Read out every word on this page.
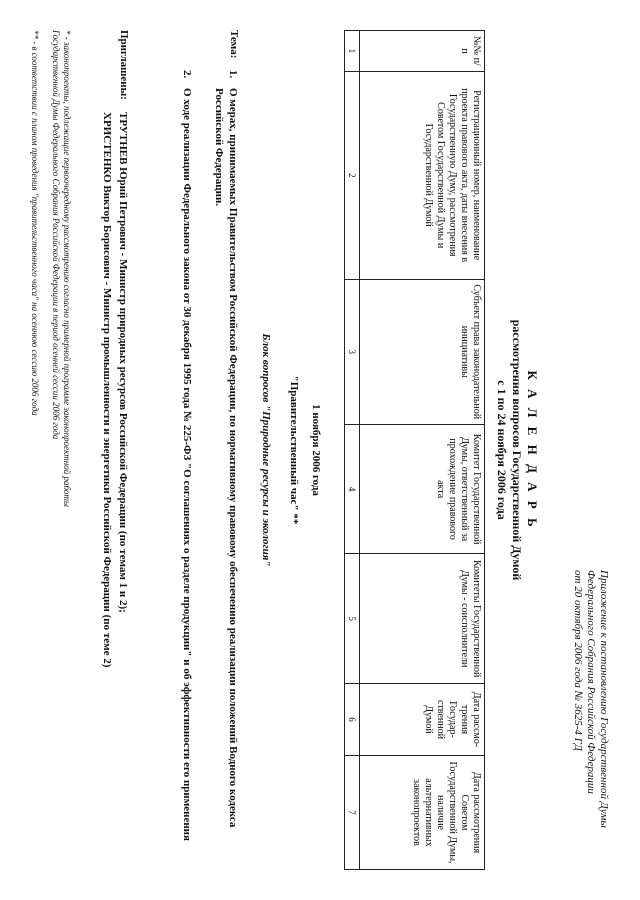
Приложение к постановлению Государственной Думы
Федерального Собрания Российской Федерации
от 20 октября 2006 года № 3625-4 ГД
К А Л Е Н Д А Р Ь
рассмотрения вопросов Государственной Думой
с 1 по 24 ноября 2006 года
№№ п/п	Регистрационный номер, наименование проекта правового акта, даты внесения в Государственную Думу, рассмотрения Советом Государственной Думы и Государственной Думой	Субъект права законодательной инициативы	Комитет Государственной Думы, ответственный за прохождение правового акта	Комитеты Государственной Думы - соисполнители	Дата рассмо-трения Государ-ственной Думой	Дата рассмотрения Советом Государственной Думы, наличие альтернативных законопроектов
1	2	3	4	5	6	7
1 ноября 2006 года
"Правительственный час" **
Блок вопросов "Природные ресурсы и экология"
Тема:
1.
О мерах, принимаемых Правительством Российской Федерации, по нормативному правовому обеспечению реализации положений Водного кодекса Российской Федерации.
2.
О ходе реализации Федерального закона от 30 декабря 1995 года № 225-ФЗ "О соглашениях о разделе продукции" и об эффективности его применения
Приглашены:
ТРУТНЕВ Юрий Петрович - Министр природных ресурсов Российской Федерации (по темам 1 и 2);
ХРИСТЕНКО Виктор Борисович - Министр промышленности и энергетики Российской Федерации (по теме 2)
* - законопроекты, подлежащие первоочередному рассмотрению согласно примерной программе законопроектной работы
Государственной Думы Федерального Собрания Российской Федерации в период осенней сессии 2006 года
** - в соответствии с планом проведения "правительственного часа" на осеннюю сессию 2006 года
